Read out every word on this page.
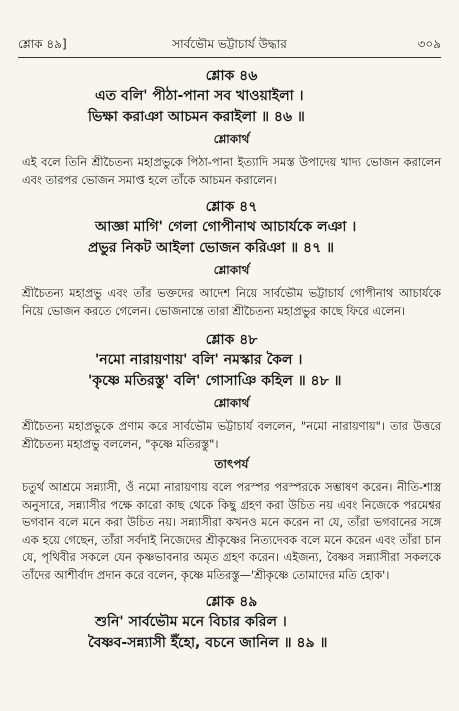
শ্লোক ৪৯]	সার্বভৌম ভট্টাচার্য উদ্ধার	৩০৯

শ্লোক ৪৬

এত বলি' পীঠা-পানা সব খাওয়াইলা ।

ভিক্ষা করাঞা আচমন করাইলা ॥ ৪৬ ॥

শ্লোকার্থ

এই বলে তিনি শ্রীচৈতন্য মহাপ্রভুকে পিঠা-পানা ইত্যাদি সমস্ত উপাদেয় খাদ্য ভোজন করালেন এবং তারপর ভোজন সমাপ্ত হলে তাঁকে আচমন করালেন।

শ্লোক ৪৭

আজ্ঞা মাগি' গেলা গোপীনাথ আচার্যকে লঞা ।

প্রভুর নিকট আইলা ভোজন করিঞা ॥ ৪৭ ॥

শ্লোকার্থ

শ্রীচৈতন্য মহাপ্রভু এবং তাঁর ভক্তদের আদেশ নিয়ে সার্বভৌম ভট্টাচার্য গোপীনাথ আচার্যকে নিয়ে ভোজন করতে গেলেন। ভোজনান্তে তারা শ্রীচৈতন্য মহাপ্রভুর কাছে ফিরে এলেন।

শ্লোক ৪৮

'নমো নারায়ণায়' বলি' নমস্কার কৈল ।

'কৃষ্ণে মতিরস্তু' বলি' গোসাঞি কহিল ॥ ৪৮ ॥

শ্লোকার্থ

শ্রীচৈতন্য মহাপ্রভুকে প্রণাম করে সার্বভৌম ভট্টাচার্য বললেন, "নমো নারায়ণায়"। তার উত্তরে শ্রীচৈতন্য মহাপ্রভু বললেন, "কৃষ্ণে মতিরস্তু"।

তাৎপর্য

চতুর্থ আশ্রমে সন্ন্যাসী, ওঁ নমো নারায়ণায় বলে পরস্পর পরস্পরকে সম্ভাষণ করেন। নীতি-শাস্ত্র অনুসারে, সন্ন্যাসীর পক্ষে কারো কাছ থেকে কিছু গ্রহণ করা উচিত নয় এবং নিজেকে পরমেশ্বর ভগবান বলে মনে করা উচিত নয়। সন্ন্যাসীরা কখনও মনে করেন না যে, তাঁরা ভগবানের সঙ্গে এক হয়ে গেছেন, তাঁরা সর্বদাই নিজেদের শ্রীকৃষ্ণের নিত্যদেবক বলে মনে করেন এবং তাঁরা চান যে, পৃথিবীর সকলে যেন কৃষ্ণভাবনার অমৃত গ্রহণ করেন। এইজন্য, বৈষ্ণব সন্ন্যাসীরা সকলকে তাঁদের আশীর্বাদ প্রদান করে বলেন, কৃষ্ণে মতিরস্তু—'শ্রীকৃষ্ণে তোমাদের মতি হোক'।

শ্লোক ৪৯

শুনি' সার্বভৌম মনে বিচার করিল ।

বৈষ্ণব-সন্ন্যাসী ইঁহো, বচনে জানিল ॥ ৪৯ ॥
